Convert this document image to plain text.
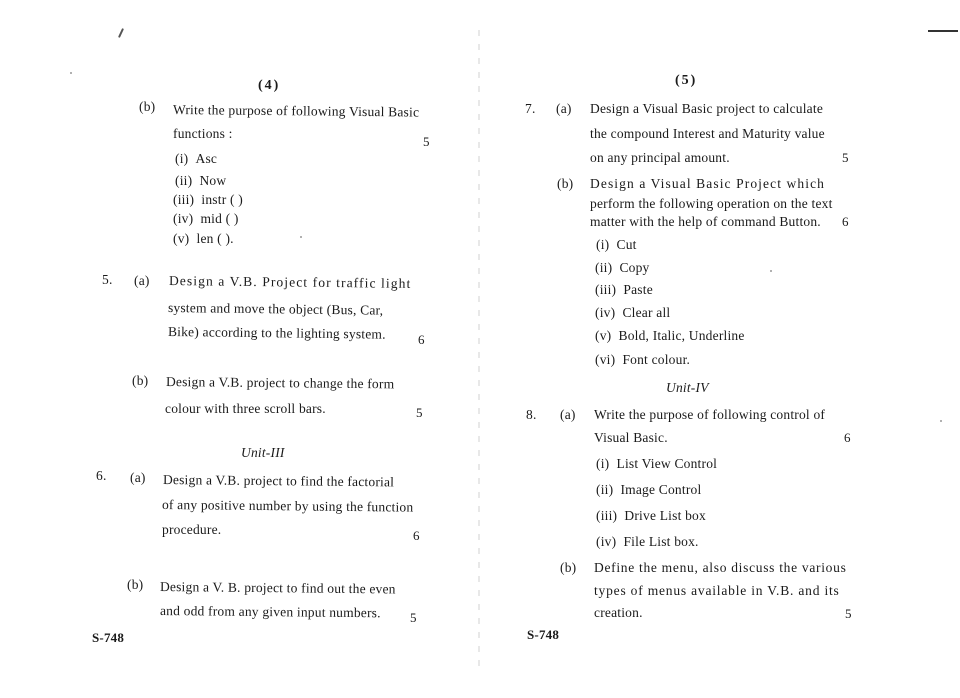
(4)
(b) Write the purpose of following Visual Basic
functions :
5
(i) Asc
(ii) Now
(iii) instr ( )
(iv) mid ( )
(v) len ( ).
5. (a) Design a V.B. Project for traffic light
system and move the object (Bus, Car,
Bike) according to the lighting system. 6
(b) Design a V.B. project to change the form
colour with three scroll bars.	5
Unit-III
6. (a) Design a V.B. project to find the factorial
of any positive number by using the function
procedure.	6
(b) Design a V. B. project to find out the even
and odd from any given input numbers. 5
S-748
(5)
7. (a) Design a Visual Basic project to calculate
the compound Interest and Maturity value
on any principal amount.	5
(b) Design a Visual Basic Project which
perform the following operation on the text
matter with the help of command Button. 6
(i) Cut
(ii) Copy
(iii) Paste
(iv) Clear all
(v) Bold, Italic, Underline
(vi) Font colour.
Unit-IV
8. (a) Write the purpose of following control of
Visual Basic.	6
(i) List View Control
(ii) Image Control
(iii) Drive List box
(iv) File List box.
(b) Define the menu, also discuss the various
types of menus available in V.B. and its
creation.	5
S-748
